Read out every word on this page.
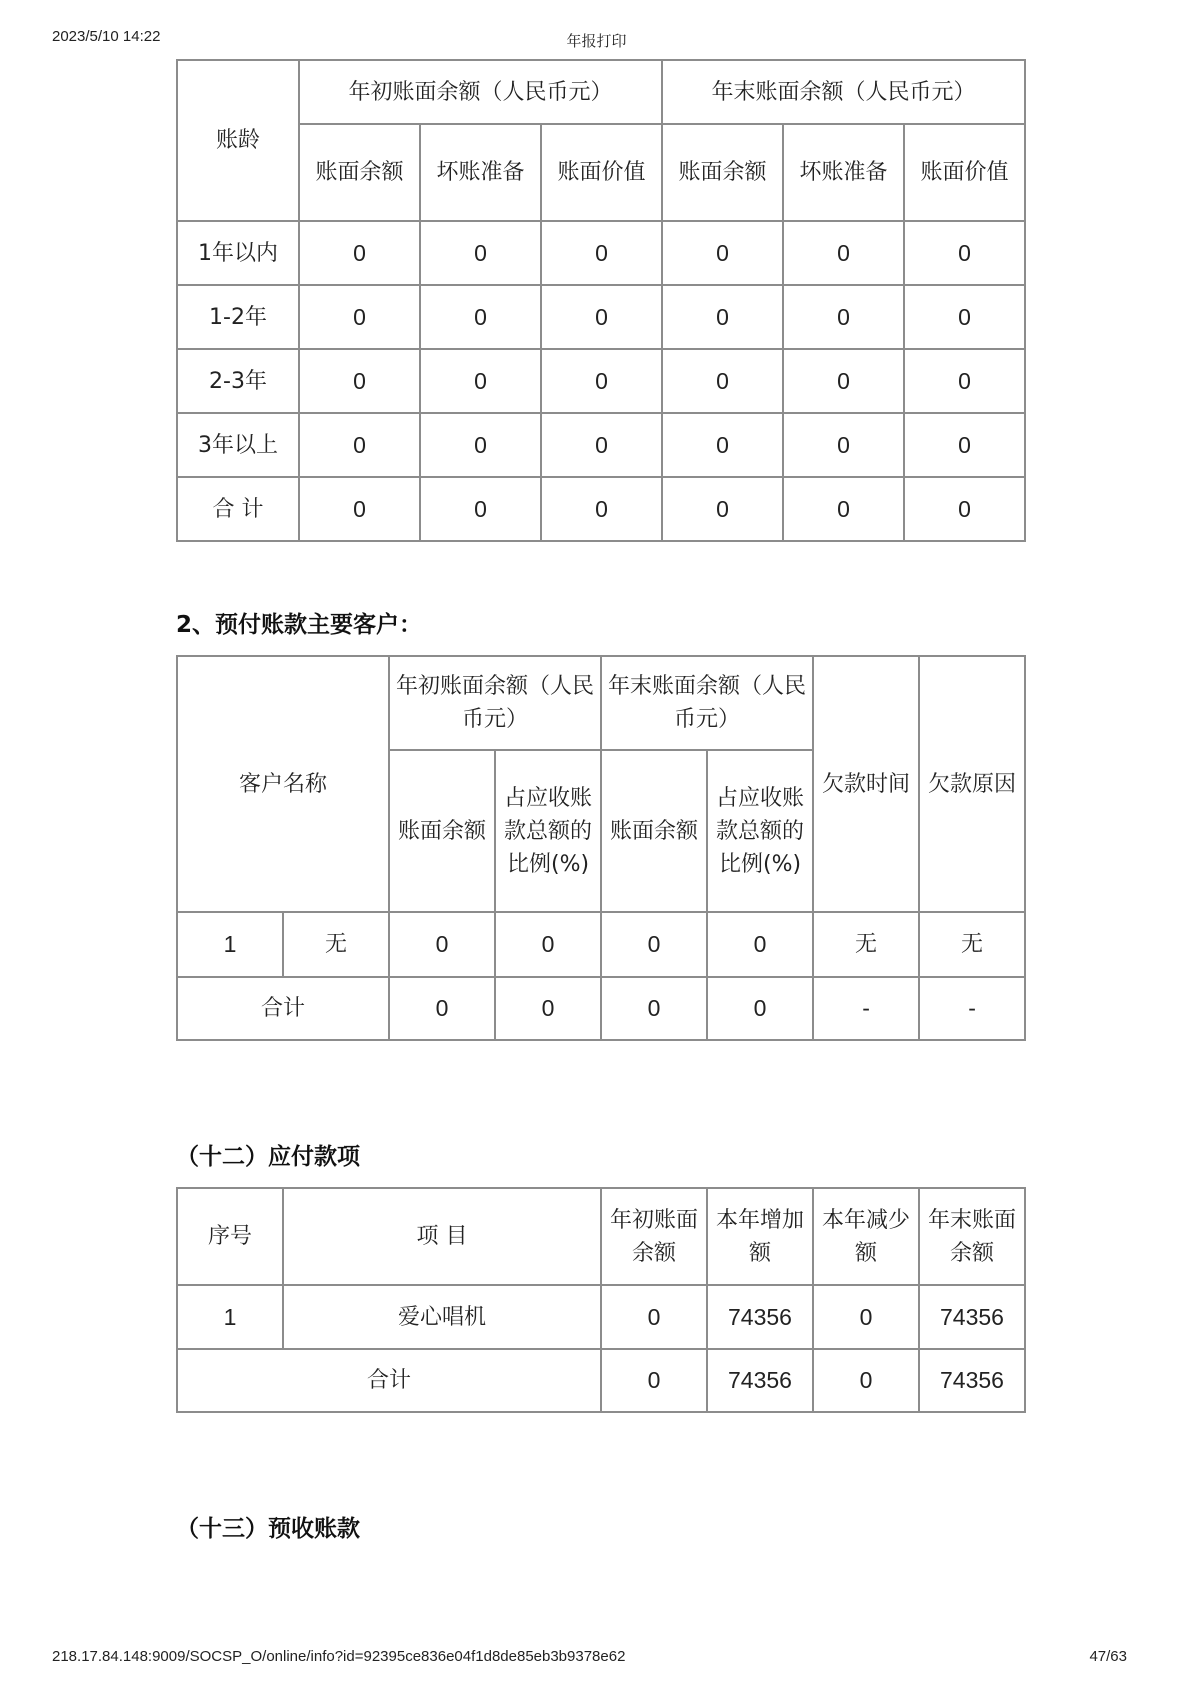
2023/5/10 14:22	年报打印
账龄	年初账面余额（人民币元）			年末账面余额（人民币元）		
	账面余额	坏账准备	账面价值	账面余额	坏账准备	账面价值
1年以内	0	0	0	0	0	0
1-2年	0	0	0	0	0	0
2-3年	0	0	0	0	0	0
3年以上	0	0	0	0	0	0
合 计	0	0	0	0	0	0
2、预付账款主要客户：
客户名称		年初账面余额（人民币元）		年末账面余额（人民币元）		欠款时间	欠款原因
		账面余额	占应收账款总额的比例(%)	账面余额	占应收账款总额的比例(%)		
1	无	0	0	0	0	无	无
合计		0	0	0	0	-	-
（十二）应付款项
序号	项 目	年初账面余额	本年增加额	本年减少额	年末账面余额
1	爱心唱机	0	74356	0	74356
合计		0	74356	0	74356
（十三）预收账款
218.17.84.148:9009/SOCSP_O/online/info?id=92395ce836e04f1d8de85eb3b9378e62	47/63
